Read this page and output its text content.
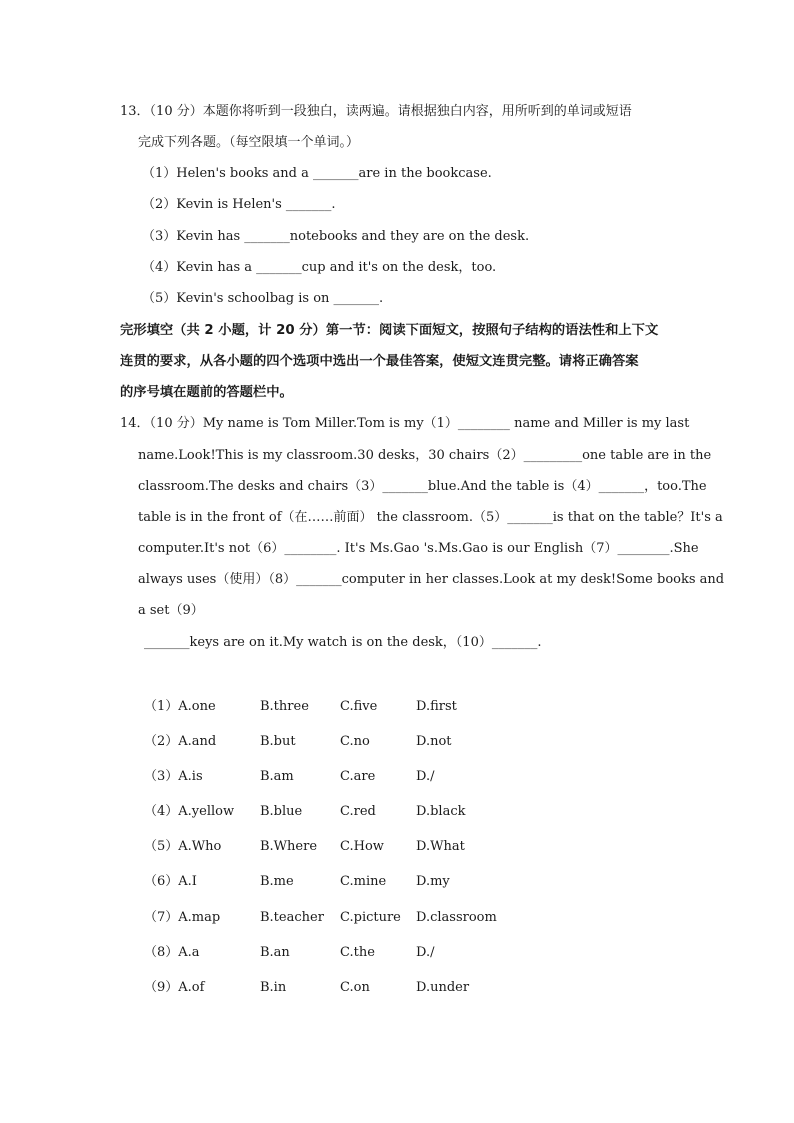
13．（10 分）本题你将听到一段独白，读两遍。请根据独白内容，用所听到的单词或短语
完成下列各题。（每空限填一个单词。）
（1）Helen's books and a _______are in the bookcase.
（2）Kevin is Helen's _______.
（3）Kevin has _______notebooks and they are on the desk.
（4）Kevin has a _______cup and it's on the desk，too.
（5）Kevin's schoolbag is on _______.
完形填空（共 2 小题，计 20 分）第一节：阅读下面短文，按照句子结构的语法性和上下文
连贯的要求，从各小题的四个选项中选出一个最佳答案，使短文连贯完整。请将正确答案
的序号填在题前的答题栏中。
14．（10 分）My name is Tom Miller.Tom is my（1）________ name and Miller is my last
name.Look!This is my classroom.30 desks，30 chairs（2）_________one table are in the
classroom.The desks and chairs（3）_______blue.And the table is（4）_______，too.The
table is in the front of（在……前面） the classroom.（5）_______is that on the table？It's a
computer.It's not（6）________. It's Ms.Gao 's.Ms.Gao is our English（7）________.She
always uses（使用）（8）_______computer in her classes.Look at my desk!Some books and
a set（9）
_______keys are on it.My watch is on the desk，（10）_______.
（1）A.one	B.three C.five	D.first
（2）A.and	B.but	C.no	D.not
（3）A.is	B.am	C.are	D./
（4）A.yellow B.blue	C.red	D.black
（5）A.Who	B.Where C.How D.What
（6）A.I	B.me	C.mine D.my
（7）A.map	B.teacher C.picture D.classroom
（8）A.a	B.an	C.the	D./
（9）A.of	B.in	C.on	D.under
